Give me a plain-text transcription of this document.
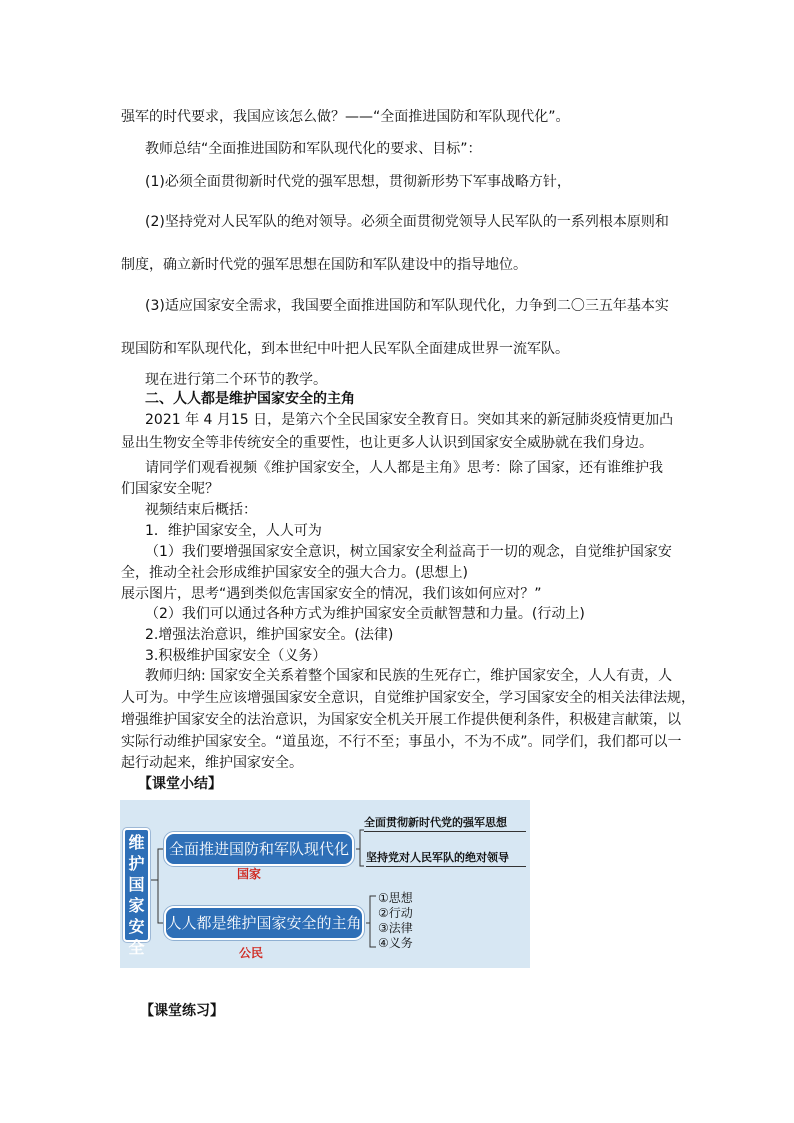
强军的时代要求，我国应该怎么做？——“全面推进国防和军队现代化”。
教师总结“全面推进国防和军队现代化的要求、目标”：
(1)必须全面贯彻新时代党的强军思想，贯彻新形势下军事战略方针，
(2)坚持党对人民军队的绝对领导。必须全面贯彻党领导人民军队的一系列根本原则和
制度，确立新时代党的强军思想在国防和军队建设中的指导地位。
(3)适应国家安全需求，我国要全面推进国防和军队现代化，力争到二〇三五年基本实
现国防和军队现代化，到本世纪中叶把人民军队全面建成世界一流军队。
现在进行第二个环节的教学。
二、人人都是维护国家安全的主角
2021 年 4 月15 日，是第六个全民国家安全教育日。突如其来的新冠肺炎疫情更加凸
显出生物安全等非传统安全的重要性，也让更多人认识到国家安全威胁就在我们身边。
请同学们观看视频《维护国家安全，人人都是主角》思考：除了国家，还有谁维护我
们国家安全呢？
视频结束后概括：
1．维护国家安全，人人可为
（1）我们要增强国家安全意识，树立国家安全利益高于一切的观念，自觉维护国家安
全，推动全社会形成维护国家安全的强大合力。(思想上)
展示图片，思考“遇到类似危害国家安全的情况，我们该如何应对？”
（2）我们可以通过各种方式为维护国家安全贡献智慧和力量。(行动上)
2.增强法治意识，维护国家安全。(法律)
3.积极维护国家安全（义务）
教师归纳: 国家安全关系着整个国家和民族的生死存亡，维护国家安全，人人有责，人
人可为。中学生应该增强国家安全意识，自觉维护国家安全，学习国家安全的相关法律法规，
增强维护国家安全的法治意识，为国家安全机关开展工作提供便利条件，积极建言献策，以
实际行动维护国家安全。“道虽迩，不行不至；事虽小，不为不成”。同学们，我们都可以一
起行动起来，维护国家安全。
【课堂小结】
维
护
国
家
安
全
全面推进国防和军队现代化
国家
全面贯彻新时代党的强军思想
坚持党对人民军队的绝对领导
人人都是维护国家安全的主角
公民
①思想
②行动
③法律
④义务
【课堂练习】
